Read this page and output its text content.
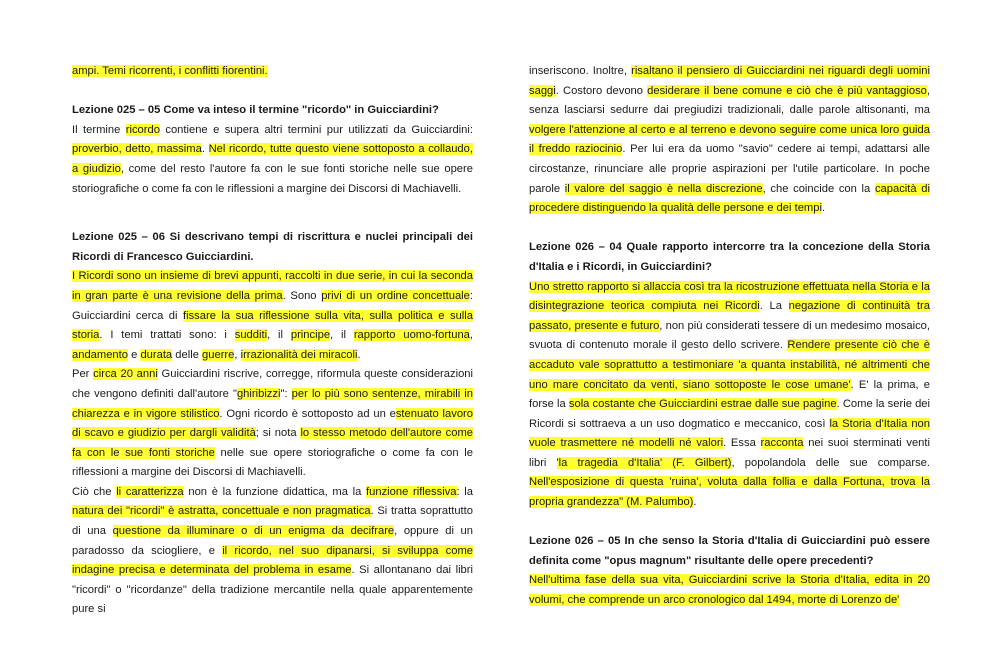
ampi. Temi ricorrenti, i conflitti fiorentini.

Lezione 025 – 05 Come va inteso il termine "ricordo" in Guicciardini?

Il termine ricordo contiene e supera altri termini pur utilizzati da Guicciardini: proverbio, detto, massima. Nel ricordo, tutte questo viene sottoposto a collaudo, a giudizio, come del resto l'autore fa con le sue fonti storiche nelle sue opere storiografiche o come fa con le riflessioni a margine dei Discorsi di Machiavelli.

Lezione 025 – 06 Si descrivano tempi di riscrittura e nuclei principali dei Ricordi di Francesco Guicciardini.

I Ricordi sono un insieme di brevi appunti, raccolti in due serie, in cui la seconda in gran parte è una revisione della prima. Sono privi di un ordine concettuale: Guicciardini cerca di fissare la sua riflessione sulla vita, sulla politica e sulla storia. I temi trattati sono: i sudditi, il principe, il rapporto uomo-fortuna, andamento e durata delle guerre, irrazionalità dei miracoli.

Per circa 20 anni Guicciardini riscrive, corregge, riformula queste considerazioni che vengono definiti dall'autore "ghiribizzi": per lo più sono sentenze, mirabili in chiarezza e in vigore stilistico. Ogni ricordo è sottoposto ad un estenuato lavoro di scavo e giudizio per dargli validità; si nota lo stesso metodo dell'autore come fa con le sue fonti storiche nelle sue opere storiografiche o come fa con le riflessioni a margine dei Discorsi di Machiavelli.

Ciò che li caratterizza non è la funzione didattica, ma la funzione riflessiva: la natura dei "ricordi" è astratta, concettuale e non pragmatica. Si tratta soprattutto di una questione da illuminare o di un enigma da decifrare, oppure di un paradosso da sciogliere, e il ricordo, nel suo dipanarsi, si sviluppa come indagine precisa e determinata del problema in esame. Si allontanano dai libri "ricordi" o "ricordanze" della tradizione mercantile nella quale apparentemente pure si

inseriscono. Inoltre, risaltano il pensiero di Guicciardini nei riguardi degli uomini saggi. Costoro devono desiderare il bene comune e ciò che è più vantaggioso, senza lasciarsi sedurre dai pregiudizi tradizionali, dalle parole altisonanti, ma volgere l'attenzione al certo e al terreno e devono seguire come unica loro guida il freddo raziocinio. Per lui era da uomo "savio" cedere ai tempi, adattarsi alle circostanze, rinunciare alle proprie aspirazioni per l'utile particolare. In poche parole il valore del saggio è nella discrezione, che coincide con la capacità di procedere distinguendo la qualità delle persone e dei tempi.

Lezione 026 – 04 Quale rapporto intercorre tra la concezione della Storia d'Italia e i Ricordi, in Guicciardini?

Uno stretto rapporto si allaccia così tra la ricostruzione effettuata nella Storia e la disintegrazione teorica compiuta nei Ricordi. La negazione di continuità tra passato, presente e futuro, non più considerati tessere di un medesimo mosaico, svuota di contenuto morale il gesto dello scrivere. Rendere presente ciò che è accaduto vale soprattutto a testimoniare 'a quanta instabilità, né altrimenti che uno mare concitato da venti, siano sottoposte le cose umane'. E' la prima, e forse la sola costante che Guicciardini estrae dalle sue pagine. Come la serie dei Ricordi si sottraeva a un uso dogmatico e meccanico, così la Storia d'Italia non vuole trasmettere né modelli né valori. Essa racconta nei suoi sterminati venti libri 'la tragedia d'Italia' (F. Gilbert), popolandola delle sue comparse. Nell'esposizione di questa 'ruina', voluta dalla follia e dalla Fortuna, trova la propria grandezza" (M. Palumbo).

Lezione 026 – 05 In che senso la Storia d'Italia di Guicciardini può essere definita come "opus magnum" risultante delle opere precedenti?

Nell'ultima fase della sua vita, Guicciardini scrive la Storia d'Italia, edita in 20 volumi, che comprende un arco cronologico dal 1494, morte di Lorenzo de'
